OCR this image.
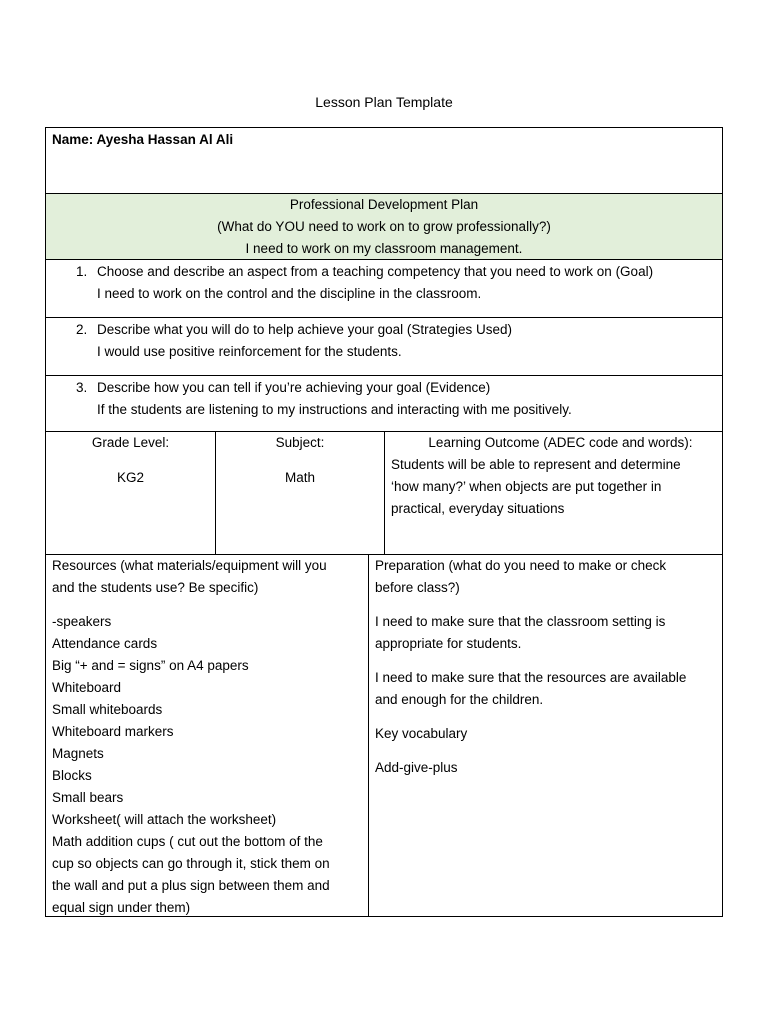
Lesson Plan Template
Name: Ayesha Hassan Al Ali
Professional Development Plan
(What do YOU need to work on to grow professionally?)
I need to work on my classroom management.
1. Choose and describe an aspect from a teaching competency that you need to work on (Goal)
I need to work on the control and the discipline in the classroom.
2. Describe what you will do to help achieve your goal (Strategies Used)
I would use positive reinforcement for the students.
3. Describe how you can tell if you’re achieving your goal (Evidence)
If the students are listening to my instructions and interacting with me positively.
Grade Level:
KG2
Subject:
Math
Learning Outcome (ADEC code and words):
Students will be able to represent and determine
‘how many?’ when objects are put together in
practical, everyday situations
Resources (what materials/equipment will you
and the students use? Be specific)
-speakers
Attendance cards
Big “+ and = signs” on A4 papers
Whiteboard
Small whiteboards
Whiteboard markers
Magnets
Blocks
Small bears
Worksheet( will attach the worksheet)
Math addition cups ( cut out the bottom of the
cup so objects can go through it, stick them on
the wall and put a plus sign between them and
equal sign under them)
Preparation (what do you need to make or check
before class?)
I need to make sure that the classroom setting is
appropriate for students.
I need to make sure that the resources are available
and enough for the children.
Key vocabulary
Add-give-plus
